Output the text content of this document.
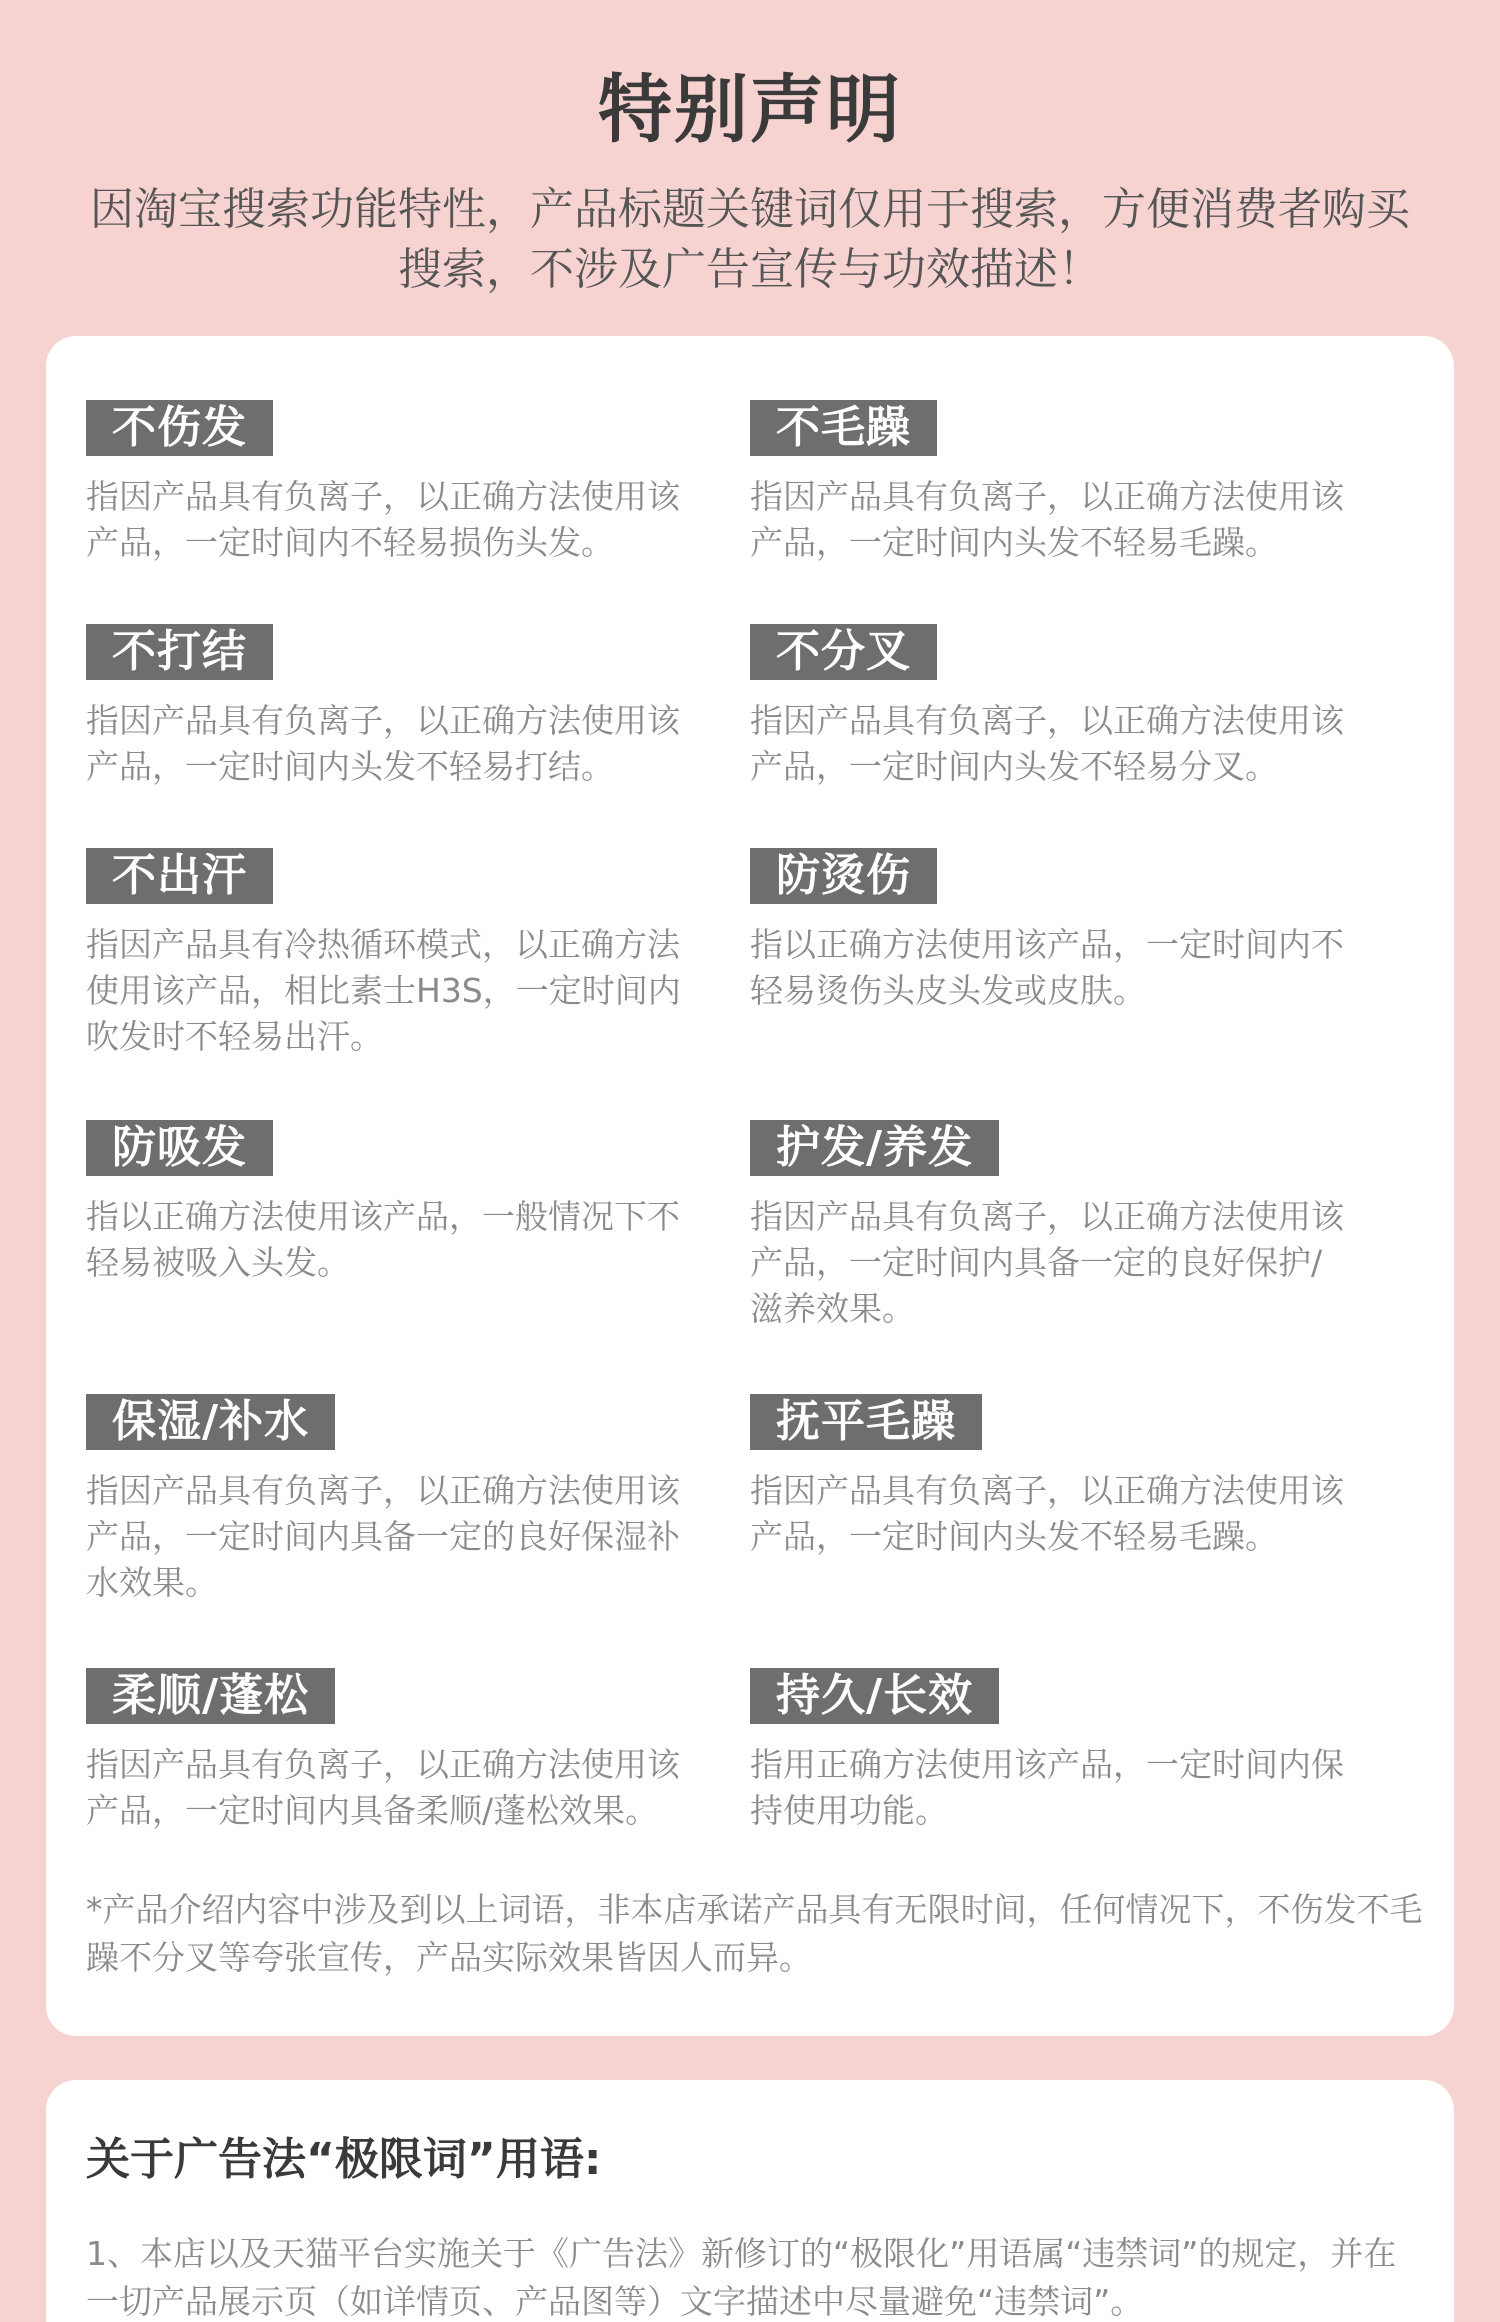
特别声明
因淘宝搜索功能特性，产品标题关键词仅用于搜索，方便消费者购买搜索，不涉及广告宣传与功效描述！
不伤发
指因产品具有负离子，以正确方法使用该产品，一定时间内不轻易损伤头发。
不毛躁
指因产品具有负离子，以正确方法使用该产品，一定时间内头发不轻易毛躁。
不打结
指因产品具有负离子，以正确方法使用该产品，一定时间内头发不轻易打结。
不分叉
指因产品具有负离子，以正确方法使用该产品，一定时间内头发不轻易分叉。
不出汗
指因产品具有冷热循环模式，以正确方法使用该产品，相比素士H3S，一定时间内吹发时不轻易出汗。
防烫伤
指以正确方法使用该产品，一定时间内不轻易烫伤头皮头发或皮肤。
防吸发
指以正确方法使用该产品，一般情况下不轻易被吸入头发。
护发/养发
指因产品具有负离子，以正确方法使用该产品，一定时间内具备一定的良好保护/滋养效果。
保湿/补水
指因产品具有负离子，以正确方法使用该产品，一定时间内具备一定的良好保湿补水效果。
抚平毛躁
指因产品具有负离子，以正确方法使用该产品，一定时间内头发不轻易毛躁。
柔顺/蓬松
指因产品具有负离子，以正确方法使用该产品，一定时间内具备柔顺/蓬松效果。
持久/长效
指用正确方法使用该产品，一定时间内保持使用功能。
*产品介绍内容中涉及到以上词语，非本店承诺产品具有无限时间，任何情况下，不伤发不毛躁不分叉等夸张宣传，产品实际效果皆因人而异。
关于广告法“极限词”用语:
1、本店以及天猫平台实施关于《广告法》新修订的“极限化”用语属“违禁词”的规定，并在一切产品展示页（如详情页、产品图等）文字描述中尽量避免“违禁词”。
